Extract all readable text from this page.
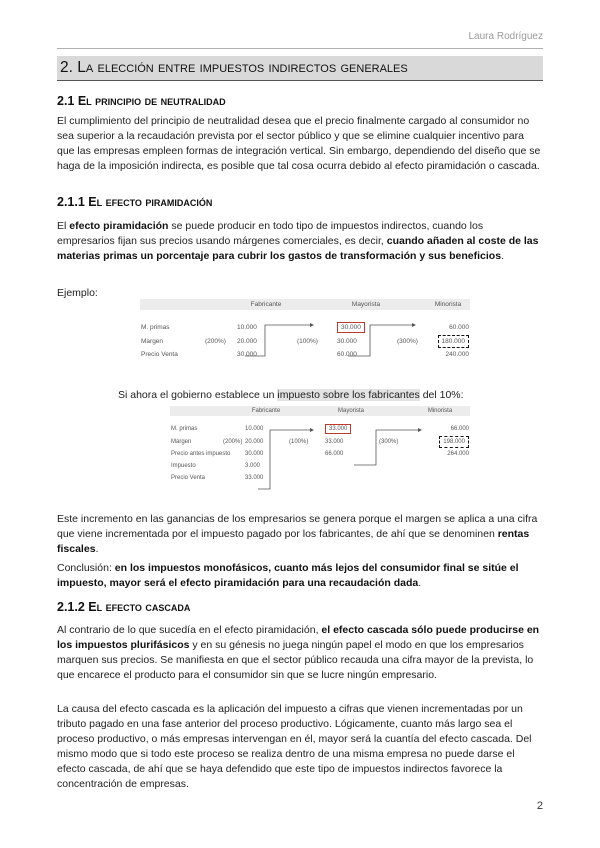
Laura Rodríguez
2. La elección entre impuestos indirectos generales
2.1 El principio de neutralidad
El cumplimiento del principio de neutralidad desea que el precio finalmente cargado al consumidor no sea superior a la recaudación prevista por el sector público y que se elimine cualquier incentivo para que las empresas empleen formas de integración vertical. Sin embargo, dependiendo del diseño que se haga de la imposición indirecta, es posible que tal cosa ocurra debido al efecto piramidación o cascada.
2.1.1 El efecto piramidación
El efecto piramidación se puede producir en todo tipo de impuestos indirectos, cuando los empresarios fijan sus precios usando márgenes comerciales, es decir, cuando añaden al coste de las materias primas un porcentaje para cubrir los gastos de transformación y sus beneficios.
Ejemplo:
		Fabricante		Mayorista		Minorista

M. primas		10.000		30.000		60.000
Margen	(200%)	20.000	(100%)	30.000	(300%)	180.000
Precio Venta		30.000		60.000		240.000
Si ahora el gobierno establece un impuesto sobre los fabricantes del 10%:
		Fabricante		Mayorista		Minorista

M. primas		10.000		33.000		66.000
Margen	(200%)	20.000	(100%)	33.000	(300%)	198.000
Precio antes impuesto		30.000		66.000		264.000
Impuesto		3.000				
Precio Venta		33.000				
Este incremento en las ganancias de los empresarios se genera porque el margen se aplica a una cifra que viene incrementada por el impuesto pagado por los fabricantes, de ahí que se denominen rentas fiscales.
Conclusión: en los impuestos monofásicos, cuanto más lejos del consumidor final se sitúe el impuesto, mayor será el efecto piramidación para una recaudación dada.
2.1.2 El efecto cascada
Al contrario de lo que sucedía en el efecto piramidación, el efecto cascada sólo puede producirse en los impuestos plurifásicos y en su génesis no juega ningún papel el modo en que los empresarios marquen sus precios. Se manifiesta en que el sector público recauda una cifra mayor de la prevista, lo que encarece el producto para el consumidor sin que se lucre ningún empresario.
La causa del efecto cascada es la aplicación del impuesto a cifras que vienen incrementadas por un tributo pagado en una fase anterior del proceso productivo. Lógicamente, cuanto más largo sea el proceso productivo, o más empresas intervengan en él, mayor será la cuantía del efecto cascada. Del mismo modo que si todo este proceso se realiza dentro de una misma empresa no puede darse el efecto cascada, de ahí que se haya defendido que este tipo de impuestos indirectos favorece la concentración de empresas.
2
